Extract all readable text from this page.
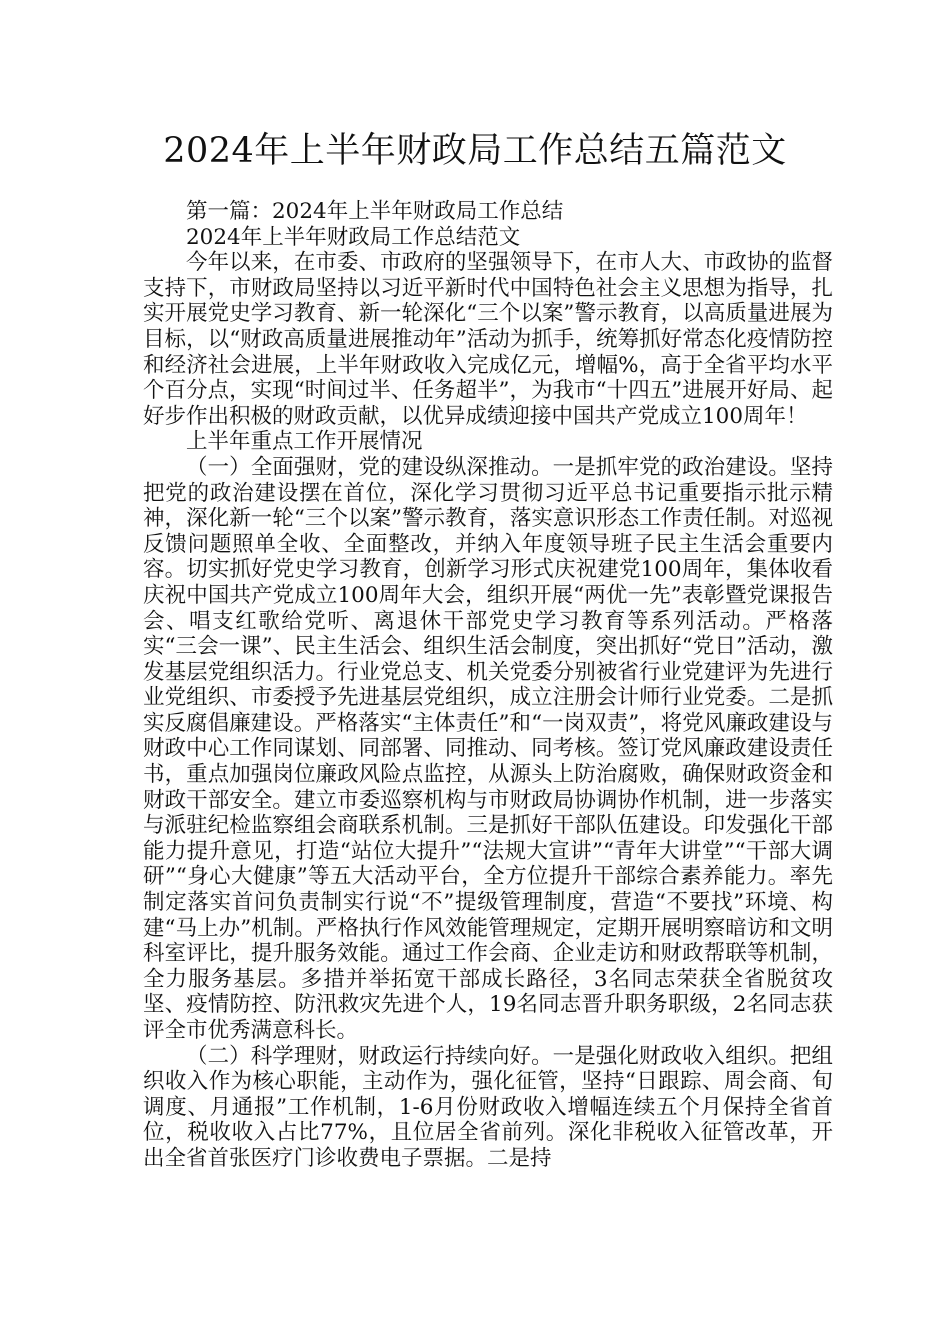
2024年上半年财政局工作总结五篇范文

第一篇：2024年上半年财政局工作总结

2024年上半年财政局工作总结范文

今年以来，在市委、市政府的坚强领导下，在市人大、市政协的监督支持下，市财政局坚持以习近平新时代中国特色社会主义思想为指导，扎实开展党史学习教育、新一轮深化“三个以案”警示教育，以高质量进展为目标，以“财政高质量进展推动年”活动为抓手，统筹抓好常态化疫情防控和经济社会进展，上半年财政收入完成亿元，增幅%，高于全省平均水平个百分点，实现“时间过半、任务超半”，为我市“十四五”进展开好局、起好步作出积极的财政贡献，以优异成绩迎接中国共产党成立100周年！

上半年重点工作开展情况

（一）全面强财，党的建设纵深推动。一是抓牢党的政治建设。坚持把党的政治建设摆在首位，深化学习贯彻习近平总书记重要指示批示精神，深化新一轮“三个以案”警示教育，落实意识形态工作责任制。对巡视反馈问题照单全收、全面整改，并纳入年度领导班子民主生活会重要内容。切实抓好党史学习教育，创新学习形式庆祝建党100周年，集体收看庆祝中国共产党成立100周年大会，组织开展“两优一先”表彰暨党课报告会、唱支红歌给党听、离退休干部党史学习教育等系列活动。严格落实“三会一课”、民主生活会、组织生活会制度，突出抓好“党日”活动，激发基层党组织活力。行业党总支、机关党委分别被省行业党建评为先进行业党组织、市委授予先进基层党组织，成立注册会计师行业党委。二是抓实反腐倡廉建设。严格落实“主体责任”和“一岗双责”，将党风廉政建设与财政中心工作同谋划、同部署、同推动、同考核。签订党风廉政建设责任书，重点加强岗位廉政风险点监控，从源头上防治腐败，确保财政资金和财政干部安全。建立市委巡察机构与市财政局协调协作机制，进一步落实与派驻纪检监察组会商联系机制。三是抓好干部队伍建设。印发强化干部能力提升意见，打造“站位大提升”“法规大宣讲”“青年大讲堂”“干部大调研”“身心大健康”等五大活动平台，全方位提升干部综合素养能力。率先制定落实首问负责制实行说“不”提级管理制度，营造“不要找”环境、构建“马上办”机制。严格执行作风效能管理规定，定期开展明察暗访和文明科室评比，提升服务效能。通过工作会商、企业走访和财政帮联等机制，全力服务基层。多措并举拓宽干部成长路径，3名同志荣获全省脱贫攻坚、疫情防控、防汛救灾先进个人，19名同志晋升职务职级，2名同志获评全市优秀满意科长。

（二）科学理财，财政运行持续向好。一是强化财政收入组织。把组织收入作为核心职能，主动作为，强化征管，坚持“日跟踪、周会商、旬调度、月通报”工作机制，1-6月份财政收入增幅连续五个月保持全省首位，税收收入占比77%，且位居全省前列。深化非税收入征管改革，开出全省首张医疗门诊收费电子票据。二是持
